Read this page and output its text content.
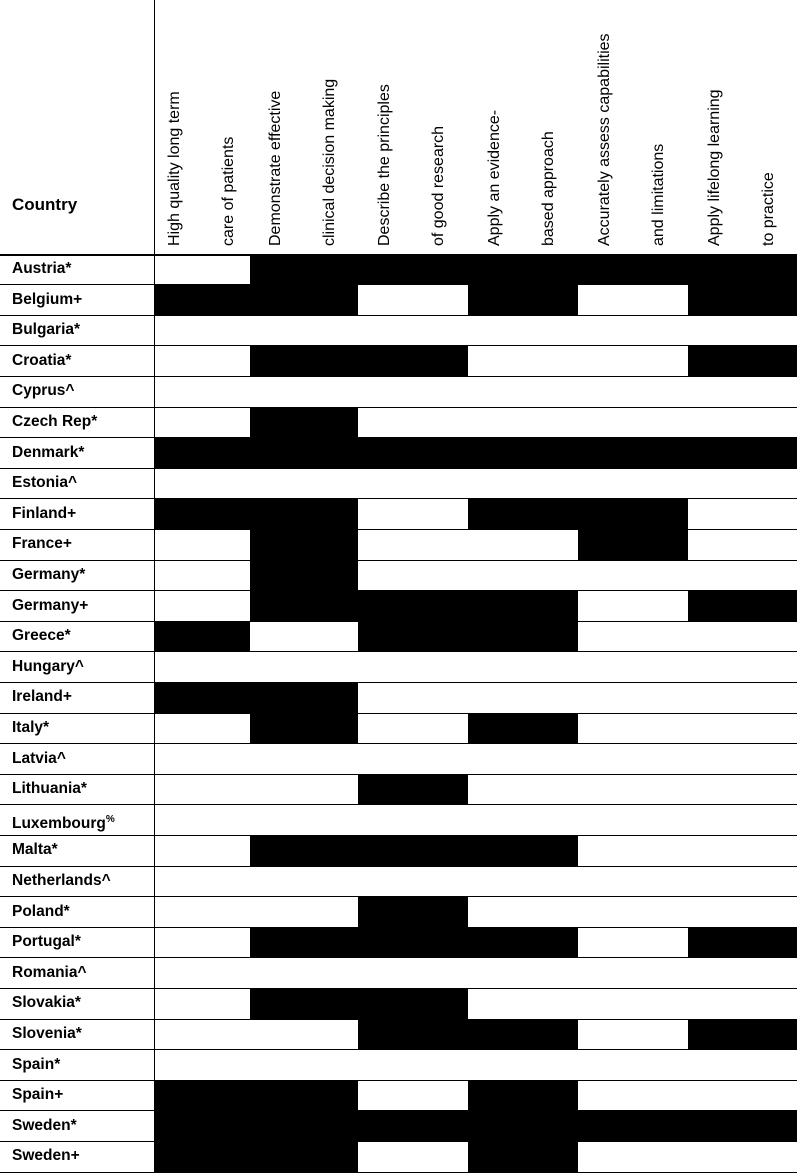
Country	High quality long term care of patients Demonstrate effective clinical decision making Describe the principles of good research Apply an evidence- based approach Accurately assess capabilities and limitations Apply lifelong learning to practice
Austria*
Belgium+
Bulgaria*
Croatia*
Cyprus^
Czech Rep*
Denmark*
Estonia^
Finland+
France+
Germany*
Germany+
Greece*
Hungary^
Ireland+
Italy*
Latvia^
Lithuania*
Luxembourg%
Malta*
Netherlands^
Poland*
Portugal*
Romania^
Slovakia*
Slovenia*
Spain*
Spain+
Sweden*
Sweden+
